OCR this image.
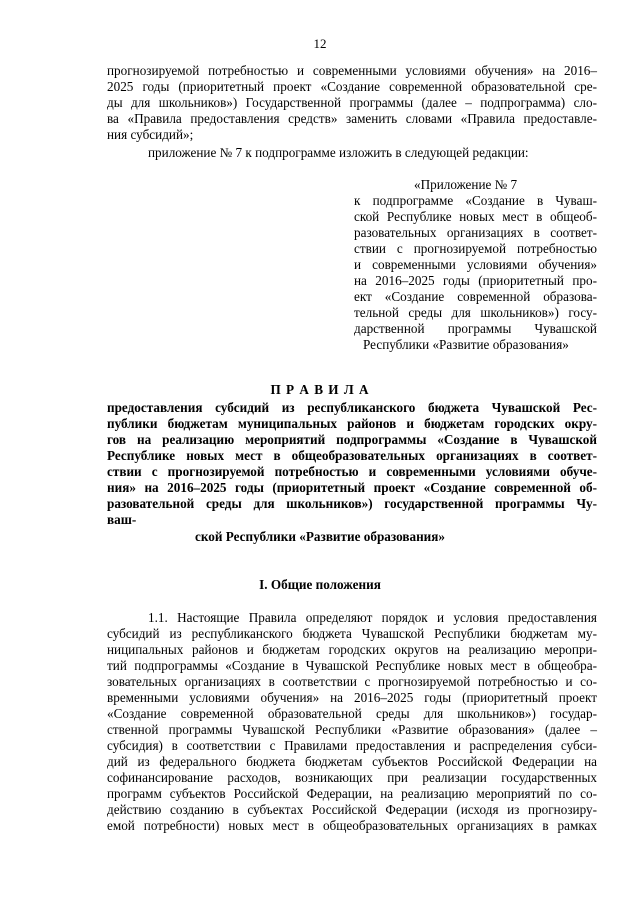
12
прогнозируемой потребностью и современными условиями обучения» на 2016–
2025 годы (приоритетный проект «Создание современной образовательной сре-
ды для школьников») Государственной программы (далее – подпрограмма) сло-
ва «Правила предоставления средств» заменить словами «Правила предоставле-
ния субсидий»;
приложение № 7 к подпрограмме изложить в следующей редакции:
«Приложение № 7
к подпрограмме «Создание в Чуваш-
ской Республике новых мест в общеоб-
разовательных организациях в соответ-
ствии с прогнозируемой потребностью
и современными условиями обучения»
на 2016–2025 годы (приоритетный про-
ект «Создание современной образова-
тельной среды для школьников») госу-
дарственной программы Чувашской
Республики «Развитие образования»
П Р А В И Л А
предоставления субсидий из республиканского бюджета Чувашской Рес-
публики бюджетам муниципальных районов и бюджетам городских окру-
гов на реализацию мероприятий подпрограммы «Создание в Чувашской
Республике новых мест в общеобразовательных организациях в соответ-
ствии с прогнозируемой потребностью и современными условиями обуче-
ния» на 2016–2025 годы (приоритетный проект «Создание современной об-
разовательной среды для школьников») государственной программы Чу-
ваш-
ской Республики «Развитие образования»
I. Общие положения
1.1. Настоящие Правила определяют порядок и условия предоставления
субсидий из республиканского бюджета Чувашской Республики бюджетам му-
ниципальных районов и бюджетам городских округов на реализацию меропри-
тий подпрограммы «Создание в Чувашской Республике новых мест в общеобра-
зовательных организациях в соответствии с прогнозируемой потребностью и со-
временными условиями обучения» на 2016–2025 годы (приоритетный проект
«Создание современной образовательной среды для школьников») государ-
ственной программы Чувашской Республики «Развитие образования» (далее –
субсидия) в соответствии с Правилами предоставления и распределения субси-
дий из федерального бюджета бюджетам субъектов Российской Федерации на
софинансирование расходов, возникающих при реализации государственных
программ субъектов Российской Федерации, на реализацию мероприятий по со-
действию созданию в субъектах Российской Федерации (исходя из прогнозиру-
емой потребности) новых мест в общеобразовательных организациях в рамках
